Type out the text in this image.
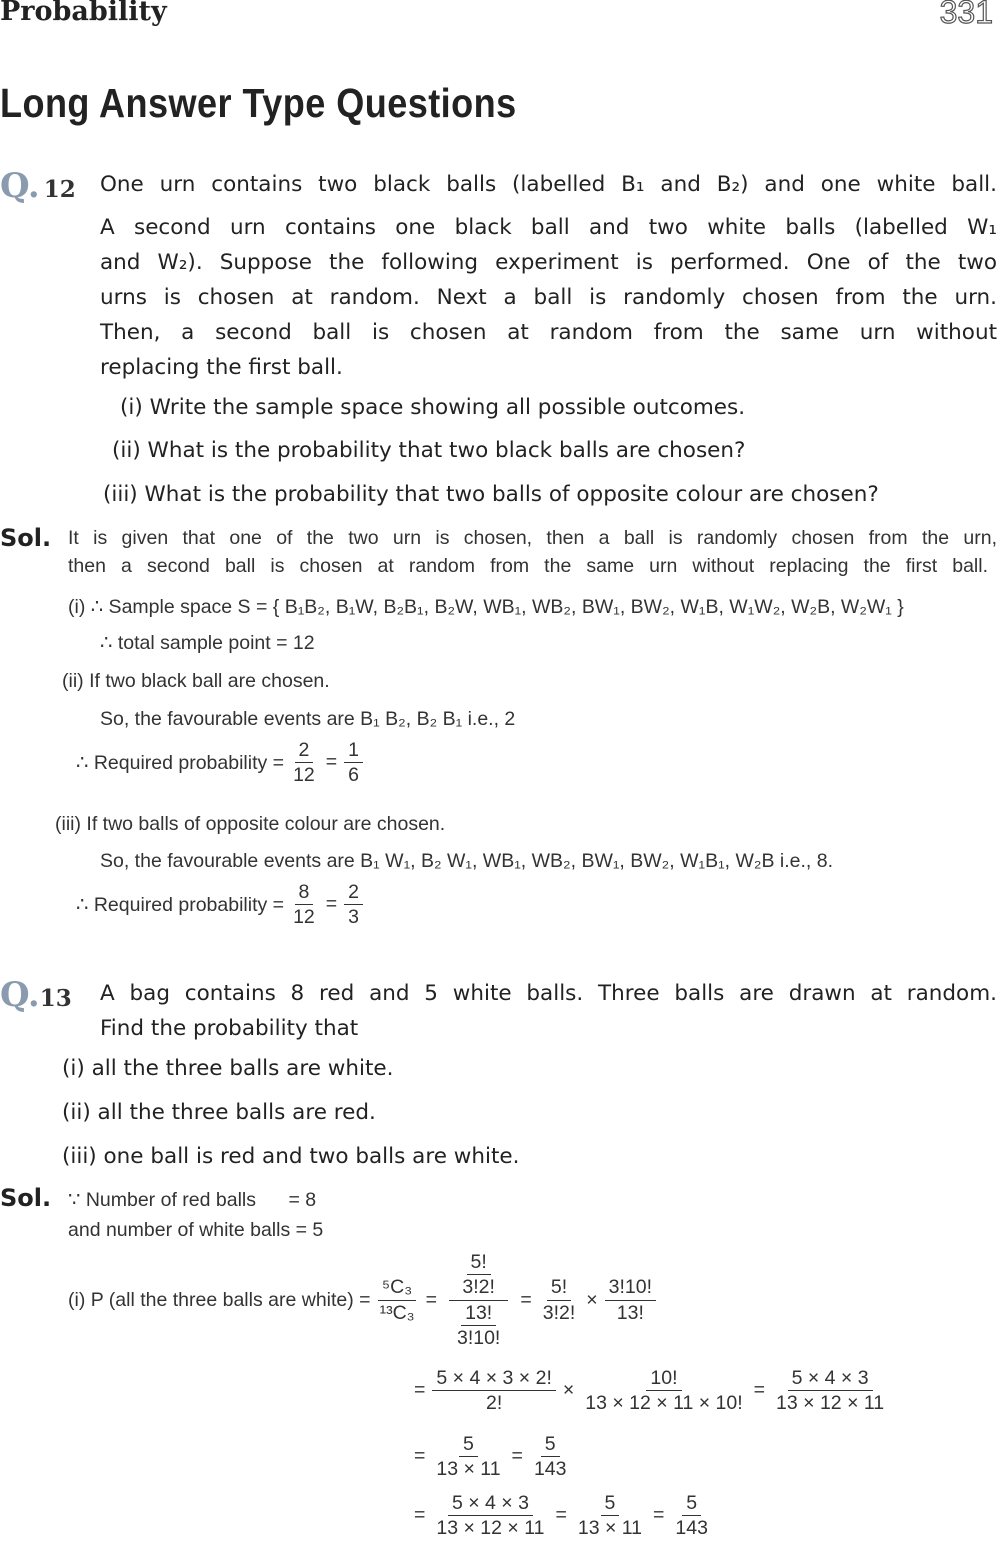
Probability	331
Long Answer Type Questions
Q. 12 One urn contains two black balls (labelled B₁ and B₂) and one white ball.
A second urn contains one black ball and two white balls (labelled W₁
and W₂). Suppose the following experiment is performed. One of the two
urns is chosen at random. Next a ball is randomly chosen from the urn.
Then, a second ball is chosen at random from the same urn without
replacing the first ball.
(i) Write the sample space showing all possible outcomes.
(ii) What is the probability that two black balls are chosen?
(iii) What is the probability that two balls of opposite colour are chosen?
Sol. It is given that one of the two urn is chosen, then a ball is randomly chosen from the urn,
then a second ball is chosen at random from the same urn without replacing the first ball.
(i) ∴ Sample space S = { B₁B₂, B₁W, B₂B₁, B₂W, WB₁, WB₂, BW₁, BW₂, W₁B, W₁W₂, W₂B, W₂W₁ }
∴ total sample point = 12
(ii) If two black ball are chosen.
So, the favourable events are B₁ B₂, B₂ B₁ i.e., 2
∴ Required probability = $\frac{2}{12} = \frac{1}{6}$
(iii) If two balls of opposite colour are chosen.
So, the favourable events are B₁ W₁, B₂ W₁, WB₁, WB₂, BW₁, BW₂, W₁B₁, W₂B i.e., 8.
∴ Required probability = $\frac{8}{12} = \frac{2}{3}$
Q.13 A bag contains 8 red and 5 white balls. Three balls are drawn at random.
Find the probability that
(i) all the three balls are white.
(ii) all the three balls are red.
(iii) one ball is red and two balls are white.
Sol. ∵ Number of red balls      = 8
and number of white balls = 5
(i) P (all the three balls are white) = $\frac{\text{⁵C₃}}{\text{¹³C₃}} = \frac{\frac{5!}{3!2!}}{\frac{13!}{3!10!}} = \frac{5!}{3!2!} \times \frac{3!10!}{13!}$
= $\frac{5 \times 4 \times 3 \times 2!}{2!} \times \frac{10!}{13 \times 12 \times 11 \times 10!} = \frac{5 \times 4 \times 3}{13 \times 12 \times 11}$
= $\frac{5}{13 \times 11} = \frac{5}{143}$
= $\frac{5 \times 4 \times 3}{13 \times 12 \times 11} = \frac{5}{13 \times 11} = \frac{5}{143}$
